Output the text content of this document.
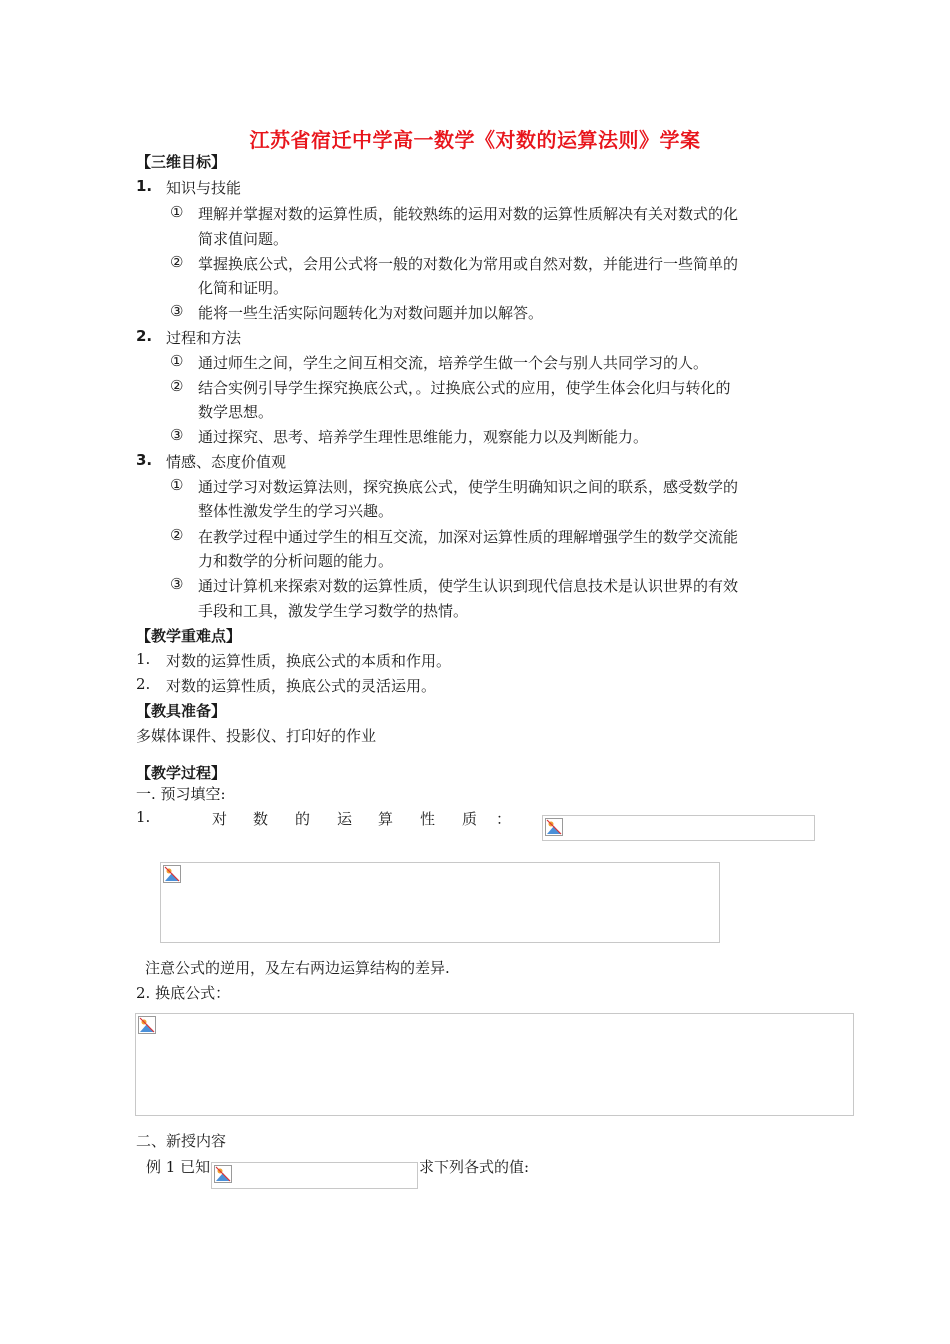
江苏省宿迁中学高一数学《对数的运算法则》学案
【三维目标】
1. 知识与技能
① 理解并掌握对数的运算性质，能较熟练的运用对数的运算性质解决有关对数式的化
简求值问题。
② 掌握换底公式，会用公式将一般的对数化为常用或自然对数，并能进行一些简单的
化简和证明。
③ 能将一些生活实际问题转化为对数问题并加以解答。
2. 过程和方法
① 通过师生之间，学生之间互相交流，培养学生做一个会与别人共同学习的人。
② 结合实例引导学生探究换底公式，。过换底公式的应用，使学生体会化归与转化的
数学思想。
③ 通过探究、思考、培养学生理性思维能力，观察能力以及判断能力。
3. 情感、态度价值观
① 通过学习对数运算法则，探究换底公式，使学生明确知识之间的联系，感受数学的
整体性激发学生的学习兴趣。
② 在教学过程中通过学生的相互交流，加深对运算性质的理解增强学生的数学交流能
力和数学的分析问题的能力。
③ 通过计算机来探索对数的运算性质，使学生认识到现代信息技术是认识世界的有效
手段和工具，激发学生学习数学的热情。
【教学重难点】
1. 对数的运算性质，换底公式的本质和作用。
2. 对数的运算性质，换底公式的灵活运用。
【教具准备】
多媒体课件、投影仪、打印好的作业
【教学过程】
一. 预习填空:
1.	对 数 的 运 算 性 质 ：
注意公式的逆用，及左右两边运算结构的差异.
2. 换底公式：
二、新授内容
例 1 已知	求下列各式的值:
